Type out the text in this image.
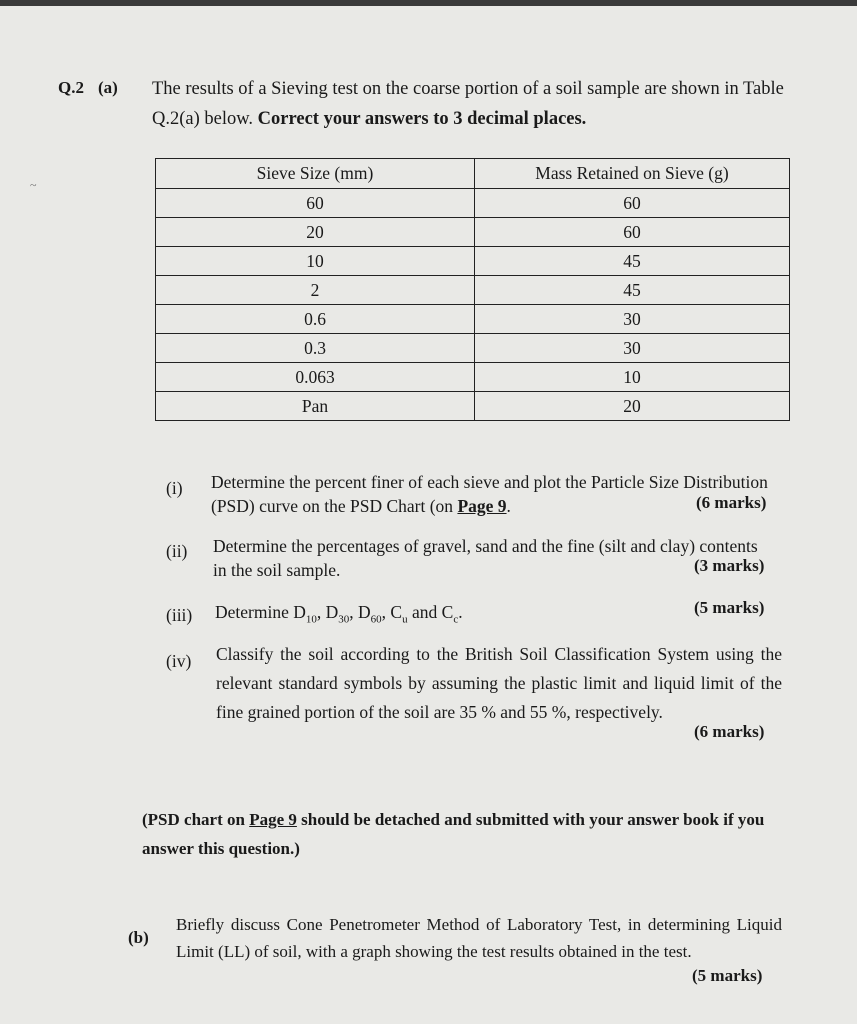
~
Q.2 (a) The results of a Sieving test on the coarse portion of a soil sample are shown in Table Q.2(a) below. Correct your answers to 3 decimal places.
Sieve Size (mm)	Mass Retained on Sieve (g)
60	60
20	60
10	45
2	45
0.6	30
0.3	30
0.063	10
Pan	20
(i) Determine the percent finer of each sieve and plot the Particle Size Distribution (PSD) curve on the PSD Chart (on Page 9.	(6 marks)
(ii) Determine the percentages of gravel, sand and the fine (silt and clay) contents in the soil sample.	(3 marks)
(iii) Determine $D_{10}$, $D_{30}$, $D_{60}$, $C_u$ and $C_c$.	(5 marks)
(iv) Classify the soil according to the British Soil Classification System using the relevant standard symbols by assuming the plastic limit and liquid limit of the fine grained portion of the soil are 35 % and 55 %, respectively.
(6 marks)
(PSD chart on Page 9 should be detached and submitted with your answer book if you answer this question.)
(b)
Briefly discuss Cone Penetrometer Method of Laboratory Test, in determining Liquid Limit (LL) of soil, with a graph showing the test results obtained in the test.
(5 marks)
